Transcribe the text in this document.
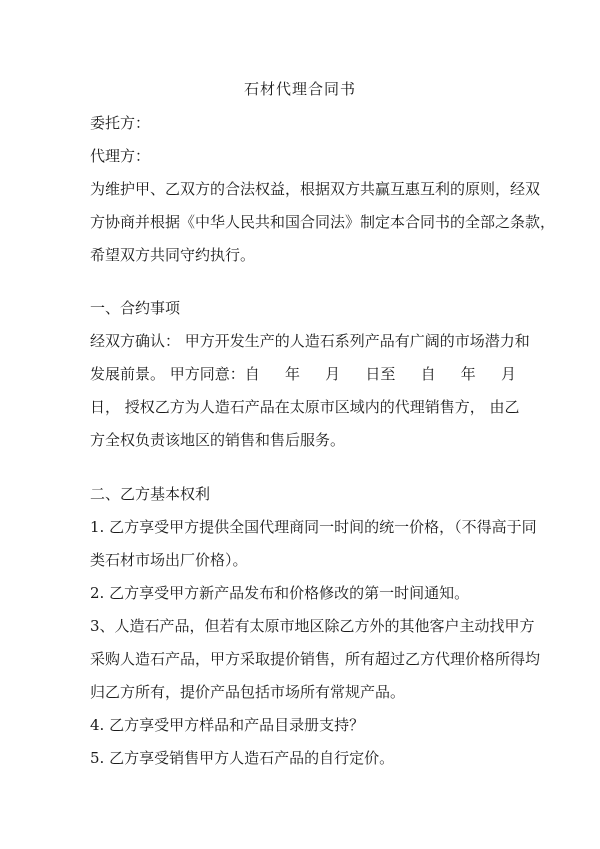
石材代理合同书
委托方：
代理方：
为维护甲、乙双方的合法权益，根据双方共赢互惠互利的原则，经双
方协商并根据《中华人民共和国合同法》制定本合同书的全部之条款，
希望双方共同守约执行。
一、合约事项
经双方确认： 甲方开发生产的人造石系列产品有广阔的市场潜力和
发展前景。 甲方同意：自 年 月 日至 自 年 月
日， 授权乙方为人造石产品在太原市区域内的代理销售方， 由乙
方全权负责该地区的销售和售后服务。
二、乙方基本权利
1. 乙方享受甲方提供全国代理商同一时间的统一价格，（不得高于同
类石材市场出厂价格）。
2. 乙方享受甲方新产品发布和价格修改的第一时间通知。
3、人造石产品，但若有太原市地区除乙方外的其他客户主动找甲方
采购人造石产品，甲方采取提价销售，所有超过乙方代理价格所得均
归乙方所有，提价产品包括市场所有常规产品。
4. 乙方享受甲方样品和产品目录册支持？
5. 乙方享受销售甲方人造石产品的自行定价。
